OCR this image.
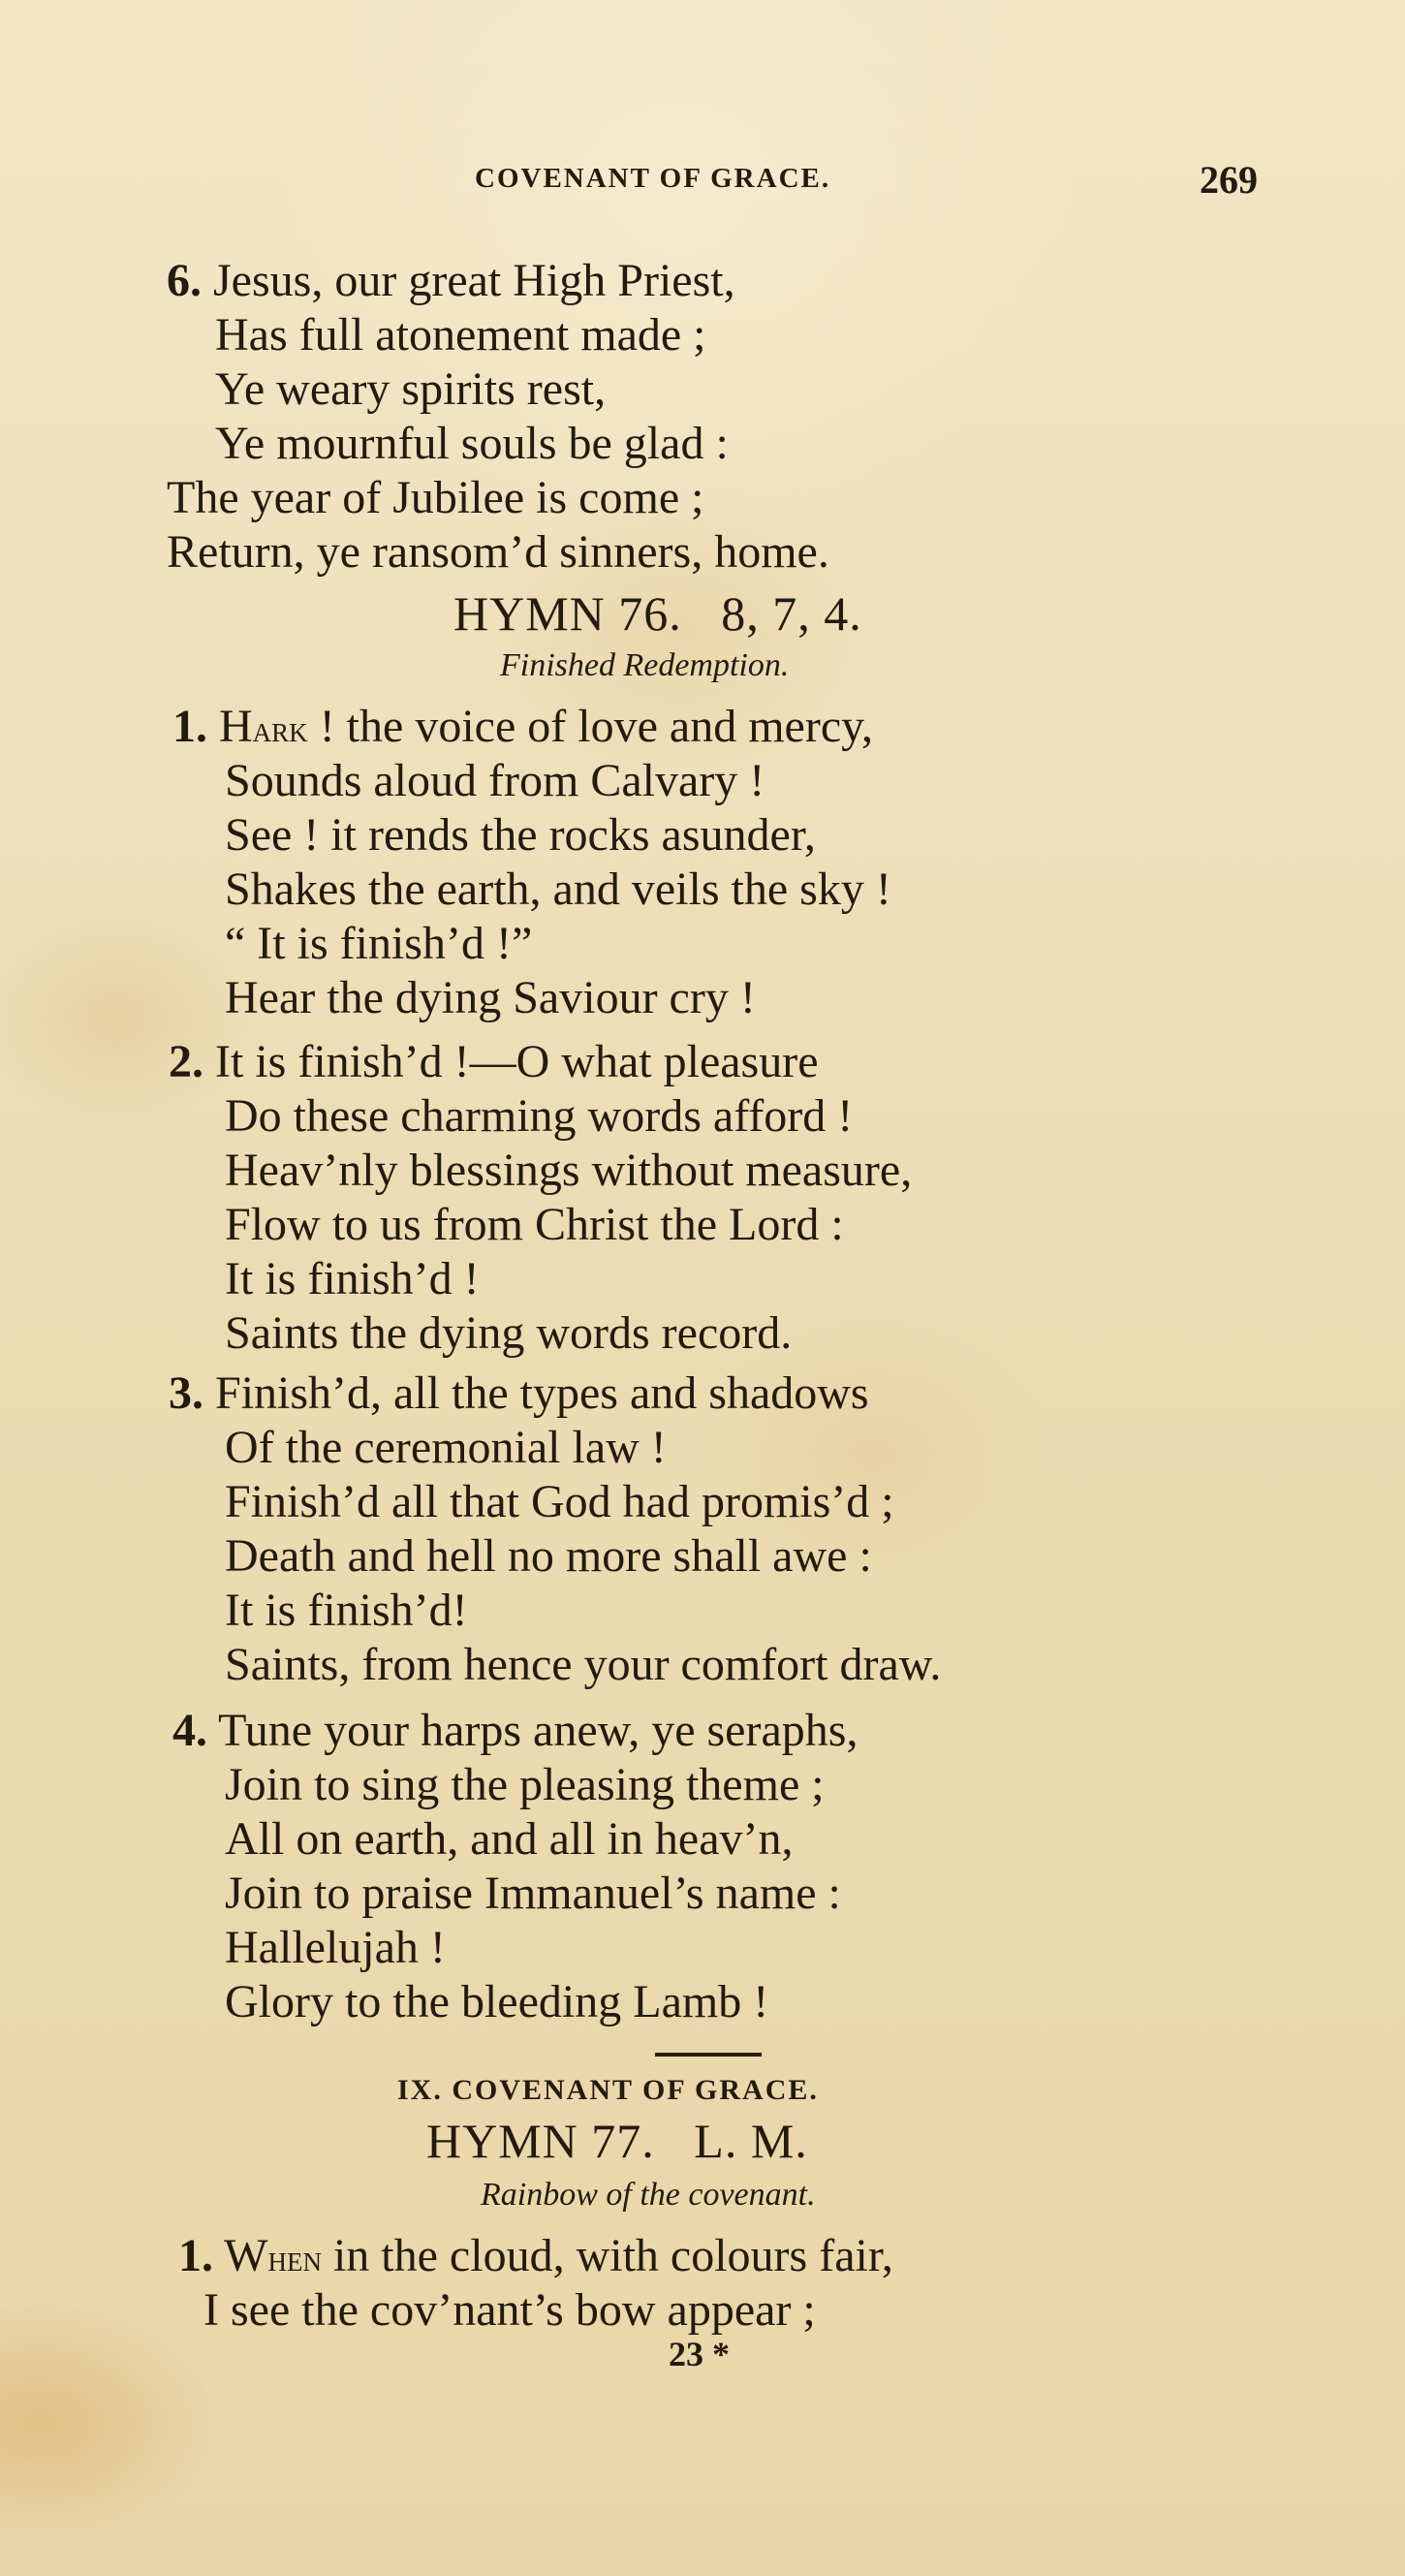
COVENANT OF GRACE.	269
6. Jesus, our great High Priest,
Has full atonement made ;
Ye weary spirits rest,
Ye mournful souls be glad :
The year of Jubilee is come ;
Return, ye ransom’d sinners, home.
HYMN 76. 8, 7, 4.
Finished Redemption.
1. Hark ! the voice of love and mercy,
Sounds aloud from Calvary !
See ! it rends the rocks asunder,
Shakes the earth, and veils the sky !
“ It is finish’d !”
Hear the dying Saviour cry !
2. It is finish’d !—O what pleasure
Do these charming words afford !
Heav’nly blessings without measure,
Flow to us from Christ the Lord :
It is finish’d !
Saints the dying words record.
3. Finish’d, all the types and shadows
Of the ceremonial law !
Finish’d all that God had promis’d ;
Death and hell no more shall awe :
It is finish’d!
Saints, from hence your comfort draw.
4. Tune your harps anew, ye seraphs,
Join to sing the pleasing theme ;
All on earth, and all in heav’n,
Join to praise Immanuel’s name :
Hallelujah !
Glory to the bleeding Lamb !
IX. COVENANT OF GRACE.
HYMN 77. L. M.
Rainbow of the covenant.
1. When in the cloud, with colours fair,
I see the cov’nant’s bow appear ;
23 *
